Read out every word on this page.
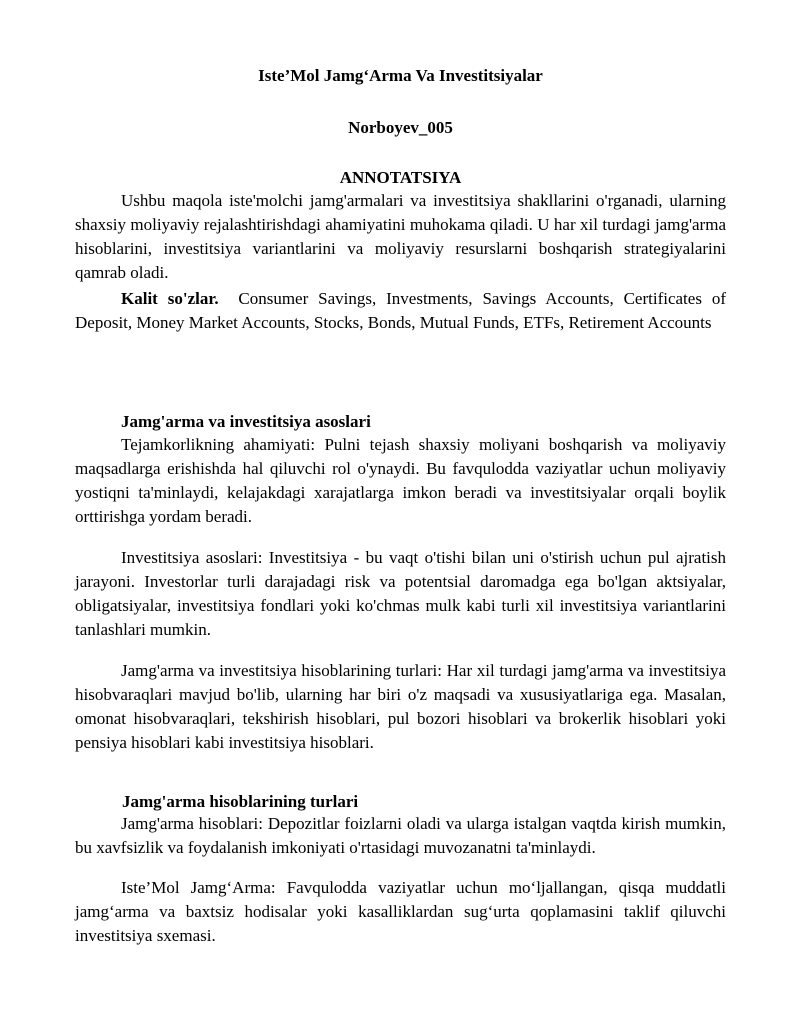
Iste’Mol Jamg‘Arma Va Investitsiyalar

Norboyev_005

ANNOTATSIYA

Ushbu maqola iste'molchi jamg'armalari va investitsiya shakllarini o'rganadi, ularning shaxsiy moliyaviy rejalashtirishdagi ahamiyatini muhokama qiladi. U har xil turdagi jamg'arma hisoblarini, investitsiya variantlarini va moliyaviy resurslarni boshqarish strategiyalarini qamrab oladi.

Kalit so'zlar. Consumer Savings, Investments, Savings Accounts, Certificates of Deposit, Money Market Accounts, Stocks, Bonds, Mutual Funds, ETFs, Retirement Accounts

Jamg'arma va investitsiya asoslari

Tejamkorlikning ahamiyati: Pulni tejash shaxsiy moliyani boshqarish va moliyaviy maqsadlarga erishishda hal qiluvchi rol o'ynaydi. Bu favqulodda vaziyatlar uchun moliyaviy yostiqni ta'minlaydi, kelajakdagi xarajatlarga imkon beradi va investitsiyalar orqali boylik orttirishga yordam beradi.

Investitsiya asoslari: Investitsiya - bu vaqt o'tishi bilan uni o'stirish uchun pul ajratish jarayoni. Investorlar turli darajadagi risk va potentsial daromadga ega bo'lgan aktsiyalar, obligatsiyalar, investitsiya fondlari yoki ko'chmas mulk kabi turli xil investitsiya variantlarini tanlashlari mumkin.

Jamg'arma va investitsiya hisoblarining turlari: Har xil turdagi jamg'arma va investitsiya hisobvaraqlari mavjud bo'lib, ularning har biri o'z maqsadi va xususiyatlariga ega. Masalan, omonat hisobvaraqlari, tekshirish hisoblari, pul bozori hisoblari va brokerlik hisoblari yoki pensiya hisoblari kabi investitsiya hisoblari.

Jamg'arma hisoblarining turlari

Jamg'arma hisoblari: Depozitlar foizlarni oladi va ularga istalgan vaqtda kirish mumkin, bu xavfsizlik va foydalanish imkoniyati o'rtasidagi muvozanatni ta'minlaydi.

Iste’Mol Jamg‘Arma: Favqulodda vaziyatlar uchun mo‘ljallangan, qisqa muddatli jamg‘arma va baxtsiz hodisalar yoki kasalliklardan sug‘urta qoplamasini taklif qiluvchi investitsiya sxemasi.
